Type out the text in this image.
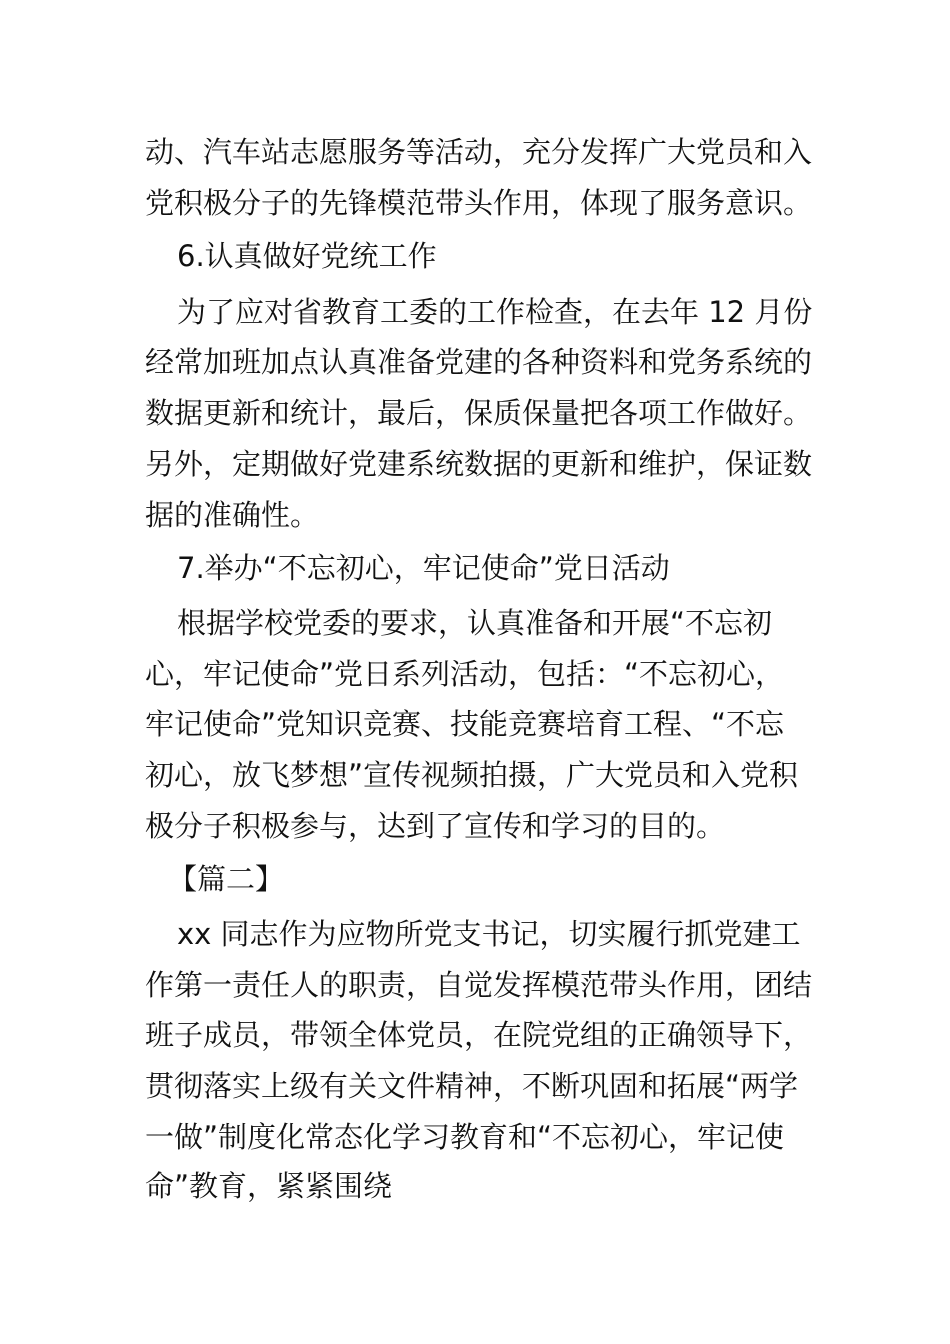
动、汽车站志愿服务等活动，充分发挥广大党员和入
党积极分子的先锋模范带头作用，体现了服务意识。
6.认真做好党统工作
为了应对省教育工委的工作检查，在去年 12 月份
经常加班加点认真准备党建的各种资料和党务系统的
数据更新和统计，最后，保质保量把各项工作做好。
另外，定期做好党建系统数据的更新和维护，保证数
据的准确性。
7.举办“不忘初心，牢记使命”党日活动
根据学校党委的要求，认真准备和开展“不忘初
心，牢记使命”党日系列活动，包括：“不忘初心，
牢记使命”党知识竞赛、技能竞赛培育工程、“不忘
初心，放飞梦想”宣传视频拍摄，广大党员和入党积
极分子积极参与，达到了宣传和学习的目的。
【篇二】
xx 同志作为应物所党支书记，切实履行抓党建工
作第一责任人的职责，自觉发挥模范带头作用，团结
班子成员，带领全体党员，在院党组的正确领导下，
贯彻落实上级有关文件精神，不断巩固和拓展“两学
一做”制度化常态化学习教育和“不忘初心，牢记使
命”教育，紧紧围绕
